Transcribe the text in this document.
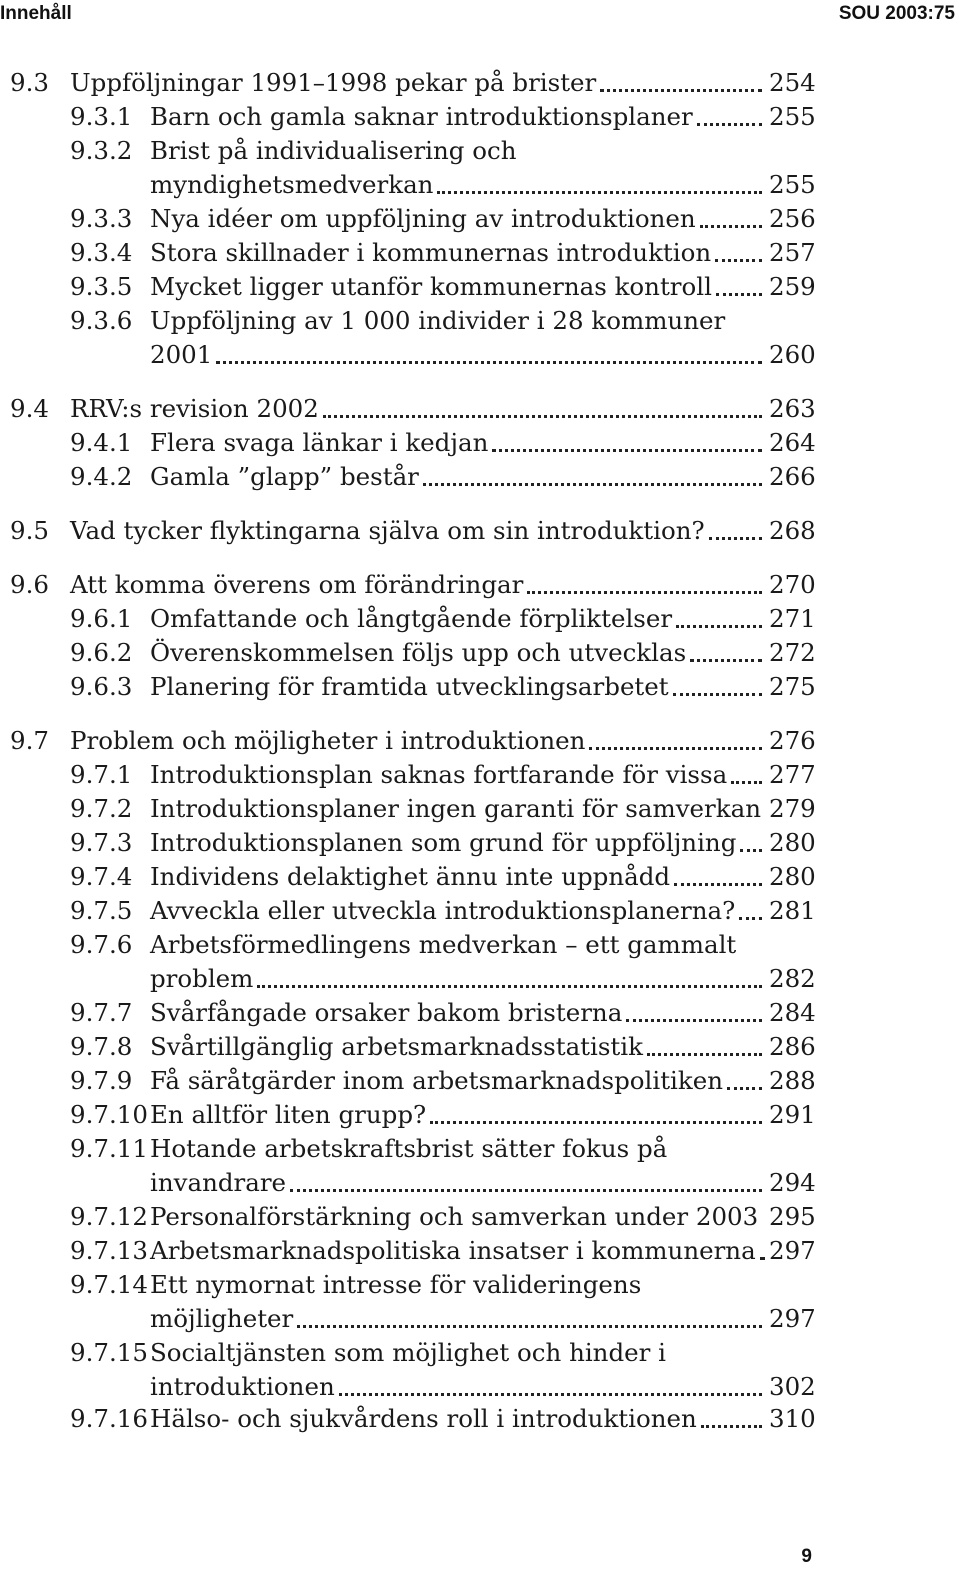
Innehåll	SOU 2003:75
9.3 Uppföljningar 1991–1998 pekar på brister	254
9.3.1 Barn och gamla saknar introduktionsplaner	255
9.3.2 Brist på individualisering och
myndighetsmedverkan	255
9.3.3 Nya idéer om uppföljning av introduktionen	256
9.3.4 Stora skillnader i kommunernas introduktion 257
9.3.5 Mycket ligger utanför kommunernas kontroll 259
9.3.6 Uppföljning av 1 000 individer i 28 kommuner
2001	260
9.4 RRV:s revision 2002	263
9.4.1 Flera svaga länkar i kedjan	264
9.4.2 Gamla ”glapp” består	266
9.5 Vad tycker flyktingarna själva om sin introduktion?	268
9.6 Att komma överens om förändringar	270
9.6.1 Omfattande och långtgående förpliktelser	271
9.6.2 Överenskommelsen följs upp och utvecklas	272
9.6.3 Planering för framtida utvecklingsarbetet	275
9.7 Problem och möjligheter i introduktionen	276
9.7.1 Introduktionsplan saknas fortfarande för vissa 277
9.7.2 Introduktionsplaner ingen garanti för samverkan 279
9.7.3 Introduktionsplanen som grund för uppföljning 280
9.7.4 Individens delaktighet ännu inte uppnådd	280
9.7.5 Avveckla eller utveckla introduktionsplanerna? 281
9.7.6 Arbetsförmedlingens medverkan – ett gammalt
problem	282
9.7.7 Svårfångade orsaker bakom bristerna	284
9.7.8 Svårtillgänglig arbetsmarknadsstatistik	286
9.7.9 Få säråtgärder inom arbetsmarknadspolitiken 288
9.7.10 En alltför liten grupp?	291
9.7.11 Hotande arbetskraftsbrist sätter fokus på
invandrare	294
9.7.12 Personalförstärkning och samverkan under 2003 295
9.7.13 Arbetsmarknadspolitiska insatser i kommunerna 297
9.7.14 Ett nymornat intresse för valideringens
möjligheter	297
9.7.15 Socialtjänsten som möjlighet och hinder i
introduktionen	302
9.7.16 Hälso- och sjukvårdens roll i introduktionen	310
9
